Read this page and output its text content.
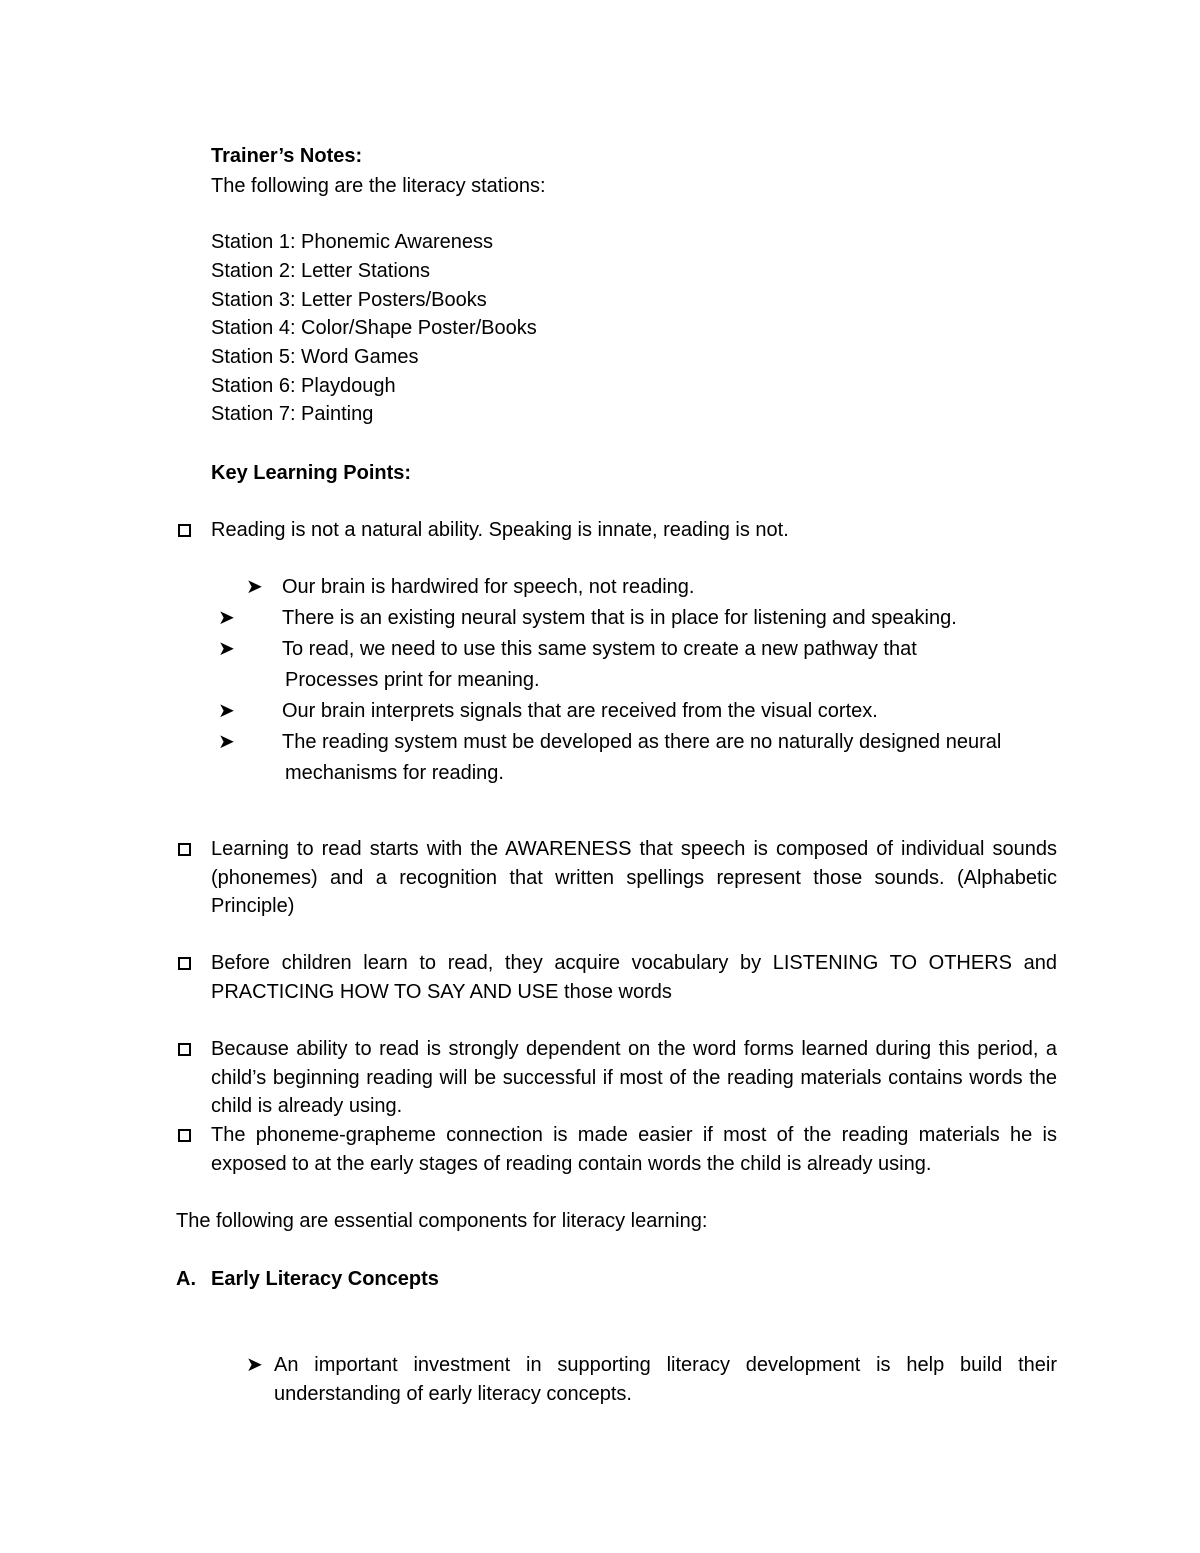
Trainer’s Notes:
The following are the literacy stations:
Station 1: Phonemic Awareness
Station 2: Letter Stations
Station 3: Letter Posters/Books
Station 4: Color/Shape Poster/Books
Station 5: Word Games
Station 6: Playdough
Station 7: Painting
Key Learning Points:
Reading is not a natural ability. Speaking is innate, reading is not.
➤ Our brain is hardwired for speech, not reading.
➤ There is an existing neural system that is in place for listening and speaking.
➤ To read, we need to use this same system to create a new pathway that
Processes print for meaning.
➤ Our brain interprets signals that are received from the visual cortex.
➤ The reading system must be developed as there are no naturally designed neural
mechanisms for reading.
Learning to read starts with the AWARENESS that speech is composed of individual sounds (phonemes) and a recognition that written spellings represent those sounds. (Alphabetic Principle)
Before children learn to read, they acquire vocabulary by LISTENING TO OTHERS and PRACTICING HOW TO SAY AND USE those words
Because ability to read is strongly dependent on the word forms learned during this period, a child’s beginning reading will be successful if most of the reading materials contains words the child is already using.
The phoneme-grapheme connection is made easier if most of the reading materials he is exposed to at the early stages of reading contain words the child is already using.
The following are essential components for literacy learning:
A. Early Literacy Concepts
➤ An important investment in supporting literacy development is help build their understanding of early literacy concepts.
